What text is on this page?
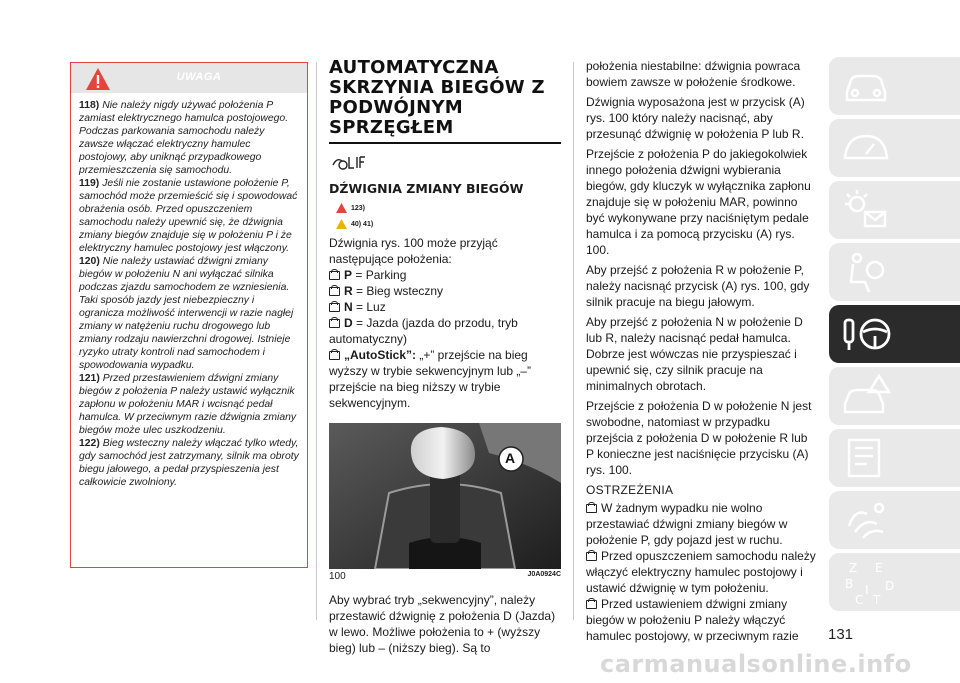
UWAGA

118) Nie należy nigdy używać położenia P zamiast elektrycznego hamulca postojowego. Podczas parkowania samochodu należy zawsze włączać elektryczny hamulec postojowy, aby uniknąć przypadkowego przemieszczenia się samochodu.

119) Jeśli nie zostanie ustawione położenie P, samochód może przemieścić się i spowodować obrażenia osób. Przed opuszczeniem samochodu należy upewnić się, że dźwignia zmiany biegów znajduje się w położeniu P i że elektryczny hamulec postojowy jest włączony.

120) Nie należy ustawiać dźwigni zmiany biegów w położeniu N ani wyłączać silnika podczas zjazdu samochodem ze wzniesienia. Taki sposób jazdy jest niebezpieczny i ogranicza możliwość interwencji w razie nagłej zmiany w natężeniu ruchu drogowego lub zmiany rodzaju nawierzchni drogowej. Istnieje ryzyko utraty kontroli nad samochodem i spowodowania wypadku.

121) Przed przestawieniem dźwigni zmiany biegów z położenia P należy ustawić wyłącznik zapłonu w położeniu MAR i wcisnąć pedał hamulca. W przeciwnym razie dźwignia zmiany biegów może ulec uszkodzeniu.

122) Bieg wsteczny należy włączać tylko wtedy, gdy samochód jest zatrzymany, silnik ma obroty biegu jałowego, a pedał przyspieszenia jest całkowicie zwolniony.

AUTOMATYCZNA SKRZYNIA BIEGÓW Z PODWÓJNYM SPRZĘGŁEM
DŹWIGNIA ZMIANY BIEGÓW
123)
40) 41)
Dźwignia rys. 100 może przyjąć następujące położenia:
P = Parking
R = Bieg wsteczny
N = Luz
D = Jazda (jazda do przodu, tryb automatyczny)
„AutoStick”: „+” przejście na bieg wyższy w trybie sekwencyjnym lub „–” przejście na bieg niższy w trybie sekwencyjnym.
A
100	J0A0924C
Aby wybrać tryb „sekwencyjny”, należy przestawić dźwignię z położenia D (Jazda) w lewo. Możliwe położenia to + (wyższy bieg) lub – (niższy bieg). Są to

położenia niestabilne: dźwignia powraca bowiem zawsze w położenie środkowe.

Dźwignia wyposażona jest w przycisk (A) rys. 100 który należy nacisnąć, aby przesunąć dźwignię w położenia P lub R.

Przejście z położenia P do jakiegokolwiek innego położenia dźwigni wybierania biegów, gdy kluczyk w wyłącznika zapłonu znajduje się w położeniu MAR, powinno być wykonywane przy naciśniętym pedale hamulca i za pomocą przycisku (A) rys. 100.

Aby przejść z położenia R w położenie P, należy nacisnąć przycisk (A) rys. 100, gdy silnik pracuje na biegu jałowym.

Aby przejść z położenia N w położenie D lub R, należy nacisnąć pedał hamulca. Dobrze jest wówczas nie przyspieszać i upewnić się, czy silnik pracuje na minimalnych obrotach.

Przejście z położenia D w położenie N jest swobodne, natomiast w przypadku przejścia z położenia D w położenie R lub P konieczne jest naciśnięcie przycisku (A) rys. 100.

OSTRZEŻENIA
W żadnym wypadku nie wolno przestawiać dźwigni zmiany biegów w położenie P, gdy pojazd jest w ruchu.
Przed opuszczeniem samochodu należy włączyć elektryczny hamulec postojowy i ustawić dźwignię w tym położeniu.
Przed ustawieniem dźwigni zmiany biegów w położeniu P należy włączyć hamulec postojowy, w przeciwnym razie
Z E
B I D
C T
131
carmanualsonline.info
